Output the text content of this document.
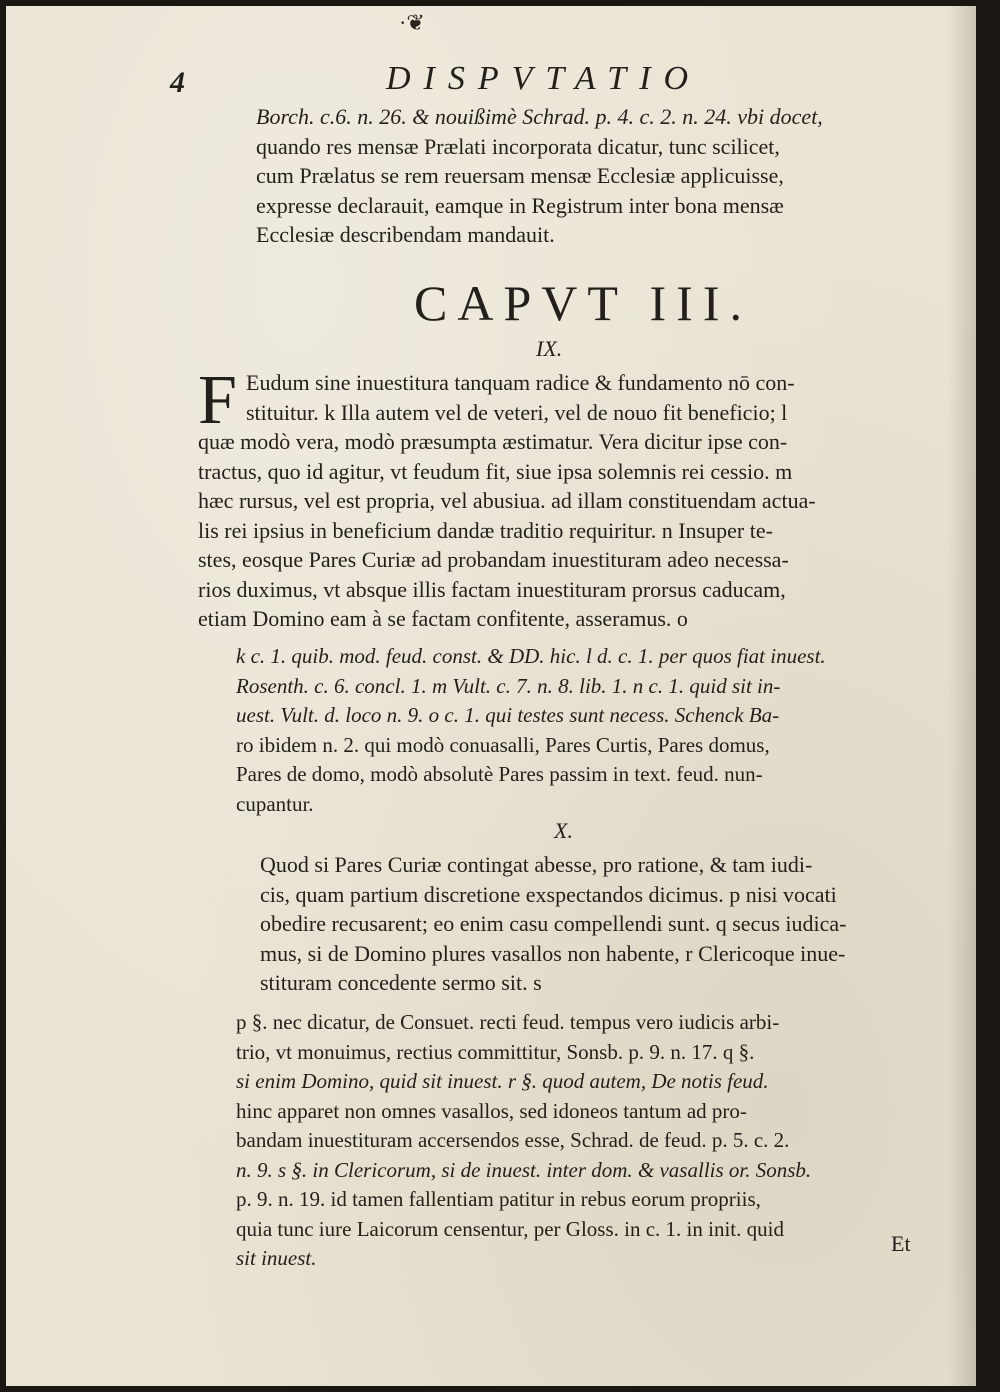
·❦
4	DISPVTATIO
Borch. c.6. n. 26. & nouißimè Schrad. p. 4. c. 2. n. 24. vbi docet,
quando res mensæ Prælati incorporata dicatur, tunc scilicet,
cum Prælatus se rem reuersam mensæ Ecclesiæ applicuisse,
expresse declarauit, eamque in Registrum inter bona mensæ
Ecclesiæ describendam mandauit.
CAPVT III.
IX.
F Eudum sine inuestitura tanquam radice & fundamento nō con-
stituitur. k Illa autem vel de veteri, vel de nouo fit beneficio; l
quæ modò vera, modò præsumpta æstimatur. Vera dicitur ipse con-
tractus, quo id agitur, vt feudum fit, siue ipsa solemnis rei cessio. m
hæc rursus, vel est propria, vel abusiua. ad illam constituendam actua-
lis rei ipsius in beneficium dandæ traditio requiritur. n Insuper te-
stes, eosque Pares Curiæ ad probandam inuestituram adeo necessa-
rios duximus, vt absque illis factam inuestituram prorsus caducam,
etiam Domino eam à se factam confitente, asseramus. o
k c. 1. quib. mod. feud. const. & DD. hic. l d. c. 1. per quos fiat inuest.
Rosenth. c. 6. concl. 1. m Vult. c. 7. n. 8. lib. 1. n c. 1. quid sit in-
uest. Vult. d. loco n. 9. o c. 1. qui testes sunt necess. Schenck Ba-
ro ibidem n. 2. qui modò conuasalli, Pares Curtis, Pares domus,
Pares de domo, modò absolutè Pares passim in text. feud. nun-
cupantur.
X.
Quod si Pares Curiæ contingat abesse, pro ratione, & tam iudi-
cis, quam partium discretione exspectandos dicimus. p nisi vocati
obedire recusarent; eo enim casu compellendi sunt. q secus iudica-
mus, si de Domino plures vasallos non habente, r Clericoque inue-
stituram concedente sermo sit. s
p §. nec dicatur, de Consuet. recti feud. tempus vero iudicis arbi-
trio, vt monuimus, rectius committitur, Sonsb. p. 9. n. 17. q §.
si enim Domino, quid sit inuest. r §. quod autem, De notis feud.
hinc apparet non omnes vasallos, sed idoneos tantum ad pro-
bandam inuestituram accersendos esse, Schrad. de feud. p. 5. c. 2.
n. 9. s §. in Clericorum, si de inuest. inter dom. & vasallis or. Sonsb.
p. 9. n. 19. id tamen fallentiam patitur in rebus eorum propriis,
quia tunc iure Laicorum censentur, per Gloss. in c. 1. in init. quid
sit inuest.
Et
